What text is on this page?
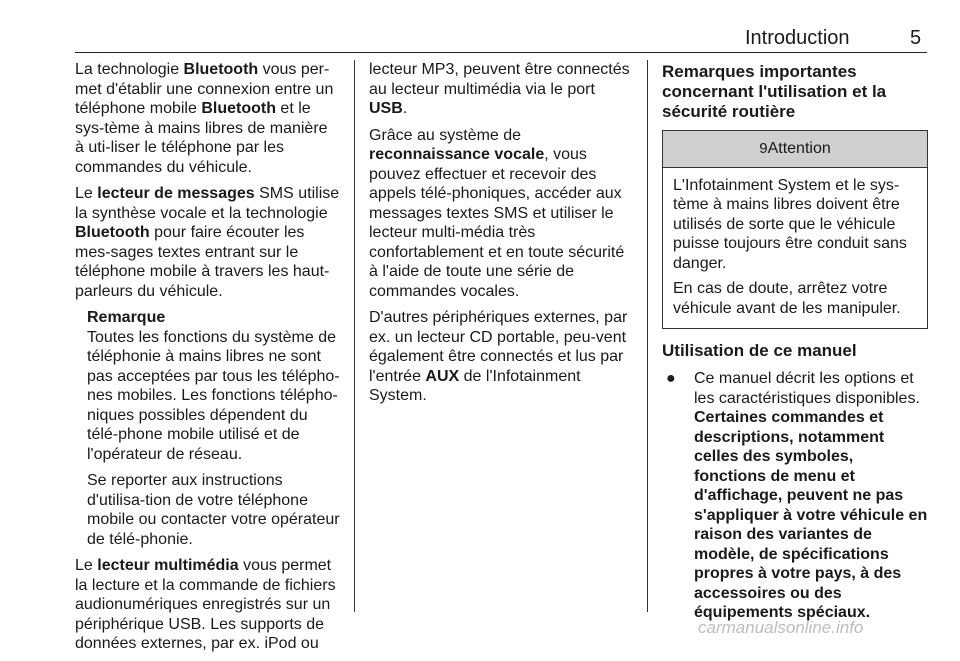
Introduction	5

La technologie Bluetooth vous per-met d'établir une connexion entre un téléphone mobile Bluetooth et le sys-tème à mains libres de manière à uti-liser le téléphone par les commandes du véhicule.

Le lecteur de messages SMS utilise la synthèse vocale et la technologie Bluetooth pour faire écouter les mes-sages textes entrant sur le téléphone mobile à travers les haut-parleurs du véhicule.

Remarque

Toutes les fonctions du système de téléphonie à mains libres ne sont pas acceptées par tous les télépho-nes mobiles. Les fonctions télépho-niques possibles dépendent du télé-phone mobile utilisé et de l'opérateur de réseau.

Se reporter aux instructions d'utilisa-tion de votre téléphone mobile ou contacter votre opérateur de télé-phonie.

Le lecteur multimédia vous permet la lecture et la commande de fichiers audionumériques enregistrés sur un périphérique USB. Les supports de données externes, par ex. iPod ou

lecteur MP3, peuvent être connectés au lecteur multimédia via le port USB.

Grâce au système de reconnaissance vocale, vous pouvez effectuer et recevoir des appels télé-phoniques, accéder aux messages textes SMS et utiliser le lecteur multi-média très confortablement et en toute sécurité à l'aide de toute une série de commandes vocales.

D'autres périphériques externes, par ex. un lecteur CD portable, peu-vent également être connectés et lus par l'entrée AUX de l'Infotainment System.

Remarques importantes concernant l'utilisation et la sécurité routière
9Attention

L'Infotainment System et le sys-tème à mains libres doivent être utilisés de sorte que le véhicule puisse toujours être conduit sans danger.

En cas de doute, arrêtez votre véhicule avant de les manipuler.

Utilisation de ce manuel
●	Ce manuel décrit les options et les caractéristiques disponibles. Certaines commandes et descriptions, notamment celles des symboles, fonctions de menu et d'affichage, peuvent ne pas s'appliquer à votre véhicule en raison des variantes de modèle, de spécifications propres à votre pays, à des accessoires ou des équipements spéciaux.
carmanualsonline.info
